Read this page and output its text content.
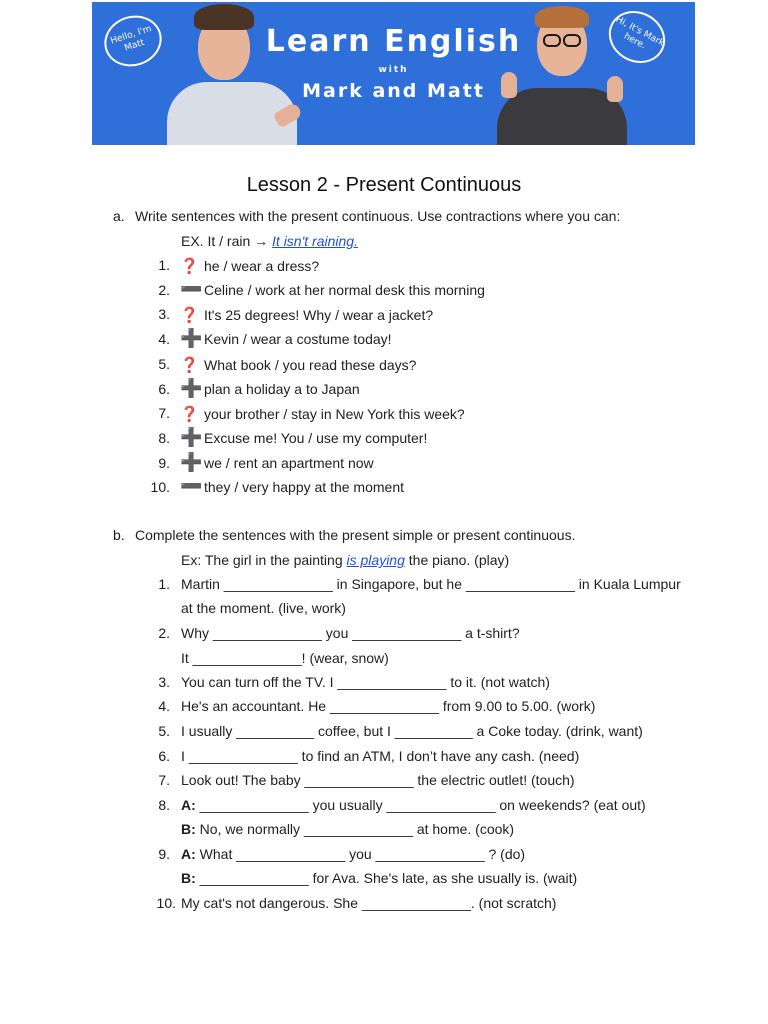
Hello, I'm Matt	Hi, It's Mark here.
Learn English
with
Mark and Matt
Lesson 2 - Present Continuous
a. Write sentences with the present continuous. Use contractions where you can:
EX. It / rain → It isn't raining.
1. ❓ he / wear a dress?
2. ➖ Celine / work at her normal desk this morning
3. ❓ It's 25 degrees! Why / wear a jacket?
4. ➕ Kevin / wear a costume today!
5. ❓ What book / you read these days?
6. ➕ plan a holiday a to Japan
7. ❓ your brother / stay in New York this week?
8. ➕ Excuse me! You / use my computer!
9. ➕ we / rent an apartment now
10. ➖ they / very happy at the moment
b. Complete the sentences with the present simple or present continuous.
Ex: The girl in the painting is playing the piano. (play)
1. Martin ______________ in Singapore, but he ______________ in Kuala Lumpur
at the moment. (live, work)
2. Why ______________ you ______________ a t-shirt?
It ______________! (wear, snow)
3. You can turn off the TV. I ______________ to it. (not watch)
4. He's an accountant. He ______________ from 9.00 to 5.00. (work)
5. I usually __________ coffee, but I __________ a Coke today. (drink, want)
6. I ______________ to find an ATM, I don’t have any cash. (need)
7. Look out! The baby ______________ the electric outlet! (touch)
8. A: ______________ you usually ______________ on weekends? (eat out)
B: No, we normally ______________ at home. (cook)
9. A: What ______________ you ______________ ? (do)
B: ______________ for Ava. She's late, as she usually is. (wait)
10. My cat's not dangerous. She ______________. (not scratch)
